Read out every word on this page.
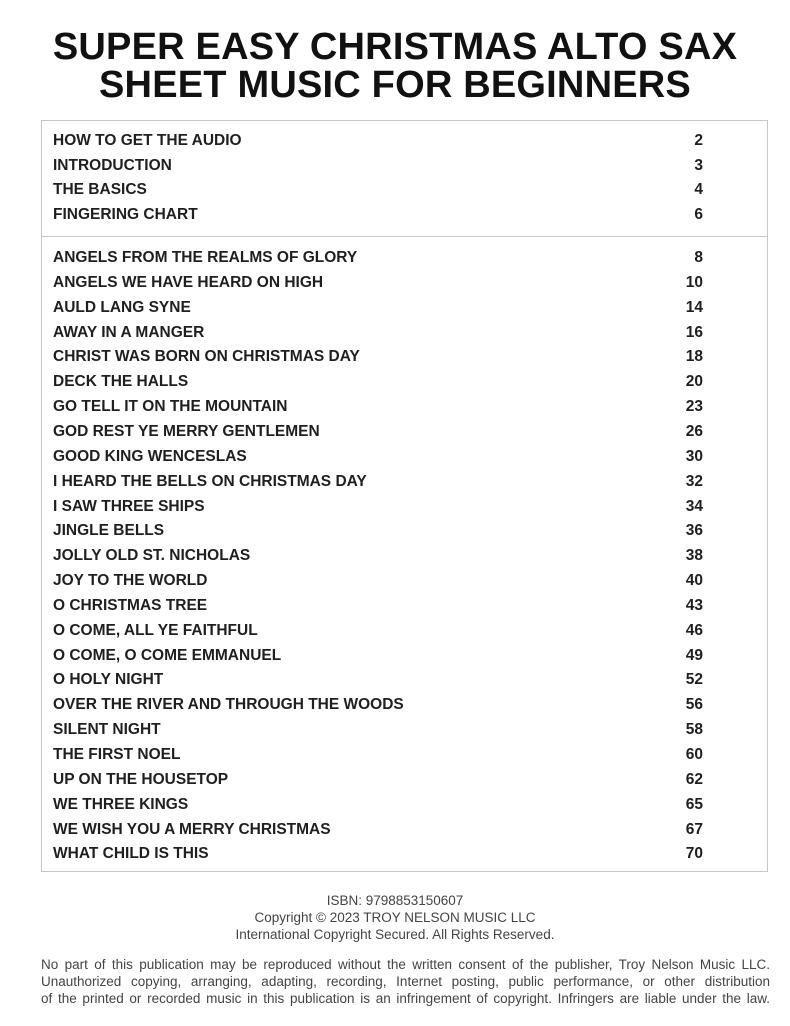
SUPER EASY CHRISTMAS ALTO SAX
SHEET MUSIC FOR BEGINNERS
HOW TO GET THE AUDIO	2
INTRODUCTION	3
THE BASICS	4
FINGERING CHART	6
ANGELS FROM THE REALMS OF GLORY	8
ANGELS WE HAVE HEARD ON HIGH	10
AULD LANG SYNE	14
AWAY IN A MANGER	16
CHRIST WAS BORN ON CHRISTMAS DAY	18
DECK THE HALLS	20
GO TELL IT ON THE MOUNTAIN	23
GOD REST YE MERRY GENTLEMEN	26
GOOD KING WENCESLAS	30
I HEARD THE BELLS ON CHRISTMAS DAY	32
I SAW THREE SHIPS	34
JINGLE BELLS	36
JOLLY OLD ST. NICHOLAS	38
JOY TO THE WORLD	40
O CHRISTMAS TREE	43
O COME, ALL YE FAITHFUL	46
O COME, O COME EMMANUEL	49
O HOLY NIGHT	52
OVER THE RIVER AND THROUGH THE WOODS	56
SILENT NIGHT	58
THE FIRST NOEL	60
UP ON THE HOUSETOP	62
WE THREE KINGS	65
WE WISH YOU A MERRY CHRISTMAS	67
WHAT CHILD IS THIS	70
ISBN: 9798853150607
Copyright © 2023 TROY NELSON MUSIC LLC
International Copyright Secured. All Rights Reserved.
No part of this publication may be reproduced without the written consent of the publisher, Troy Nelson Music LLC.
Unauthorized copying, arranging, adapting, recording, Internet posting, public performance, or other distribution
of the printed or recorded music in this publication is an infringement of copyright. Infringers are liable under the law.
